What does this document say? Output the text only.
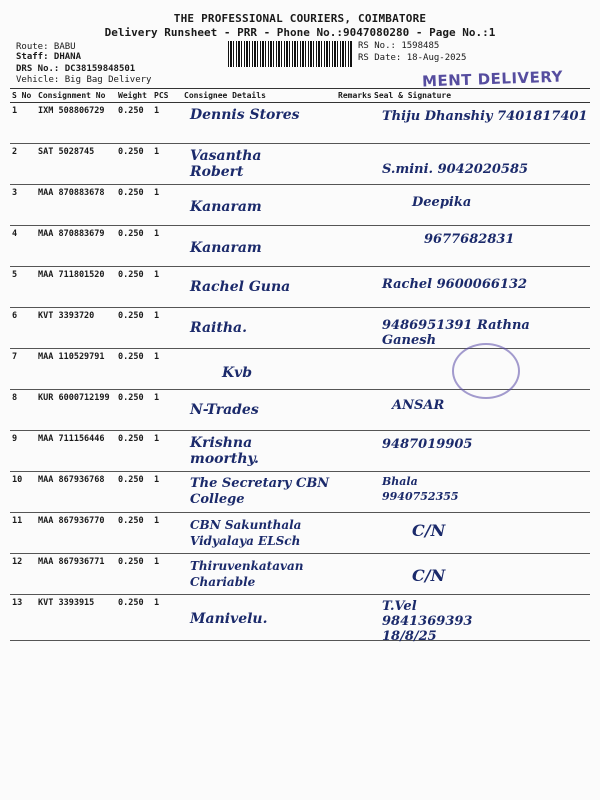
THE PROFESSIONAL COURIERS, COIMBATORE
Delivery Runsheet - PRR - Phone No.:9047080280 - Page No.:1
Route: BABU
Staff: DHANA
DRS No.: DC38159848501
Vehicle: Big Bag Delivery
RS No.: 1598485
RS Date: 18-Aug-2025
MENT DELIVERY
S No	Consignment No	Weight	PCS	Consignee Details	Remarks	Seal & Signature
1	IXM 508806729	0.250	1	Dennis Stores		Thiju Dhanshiy 7401817401

2	SAT 5028745	0.250	1	Vasantha Robert		S.mini. 9042020585

3	MAA 870883678	0.250	1	Kanaram		Deepika

4	MAA 870883679	0.250	1	Kanaram		9677682831

5	MAA 711801520	0.250	1	Rachel Guna		Rachel 9600066132

6	KVT 3393720	0.250	1	Raitha.		9486951391 Rathna Ganesh

7	MAA 110529791	0.250	1	Kvb		

8	KUR 6000712199	0.250	1	N-Trades		ANSAR

9	MAA 711156446	0.250	1	Krishna moorthy.		9487019905

10	MAA 867936768	0.250	1	The Secretary CBN College		Bhala 9940752355

11	MAA 867936770	0.250	1	CBN Sakunthala Vidyalaya ELSch		C/N

12	MAA 867936771	0.250	1	Thiruvenkatavan Chariable		C/N

13	KVT 3393915	0.250	1	Manivelu.		T.Vel 9841369393 18/8/25
